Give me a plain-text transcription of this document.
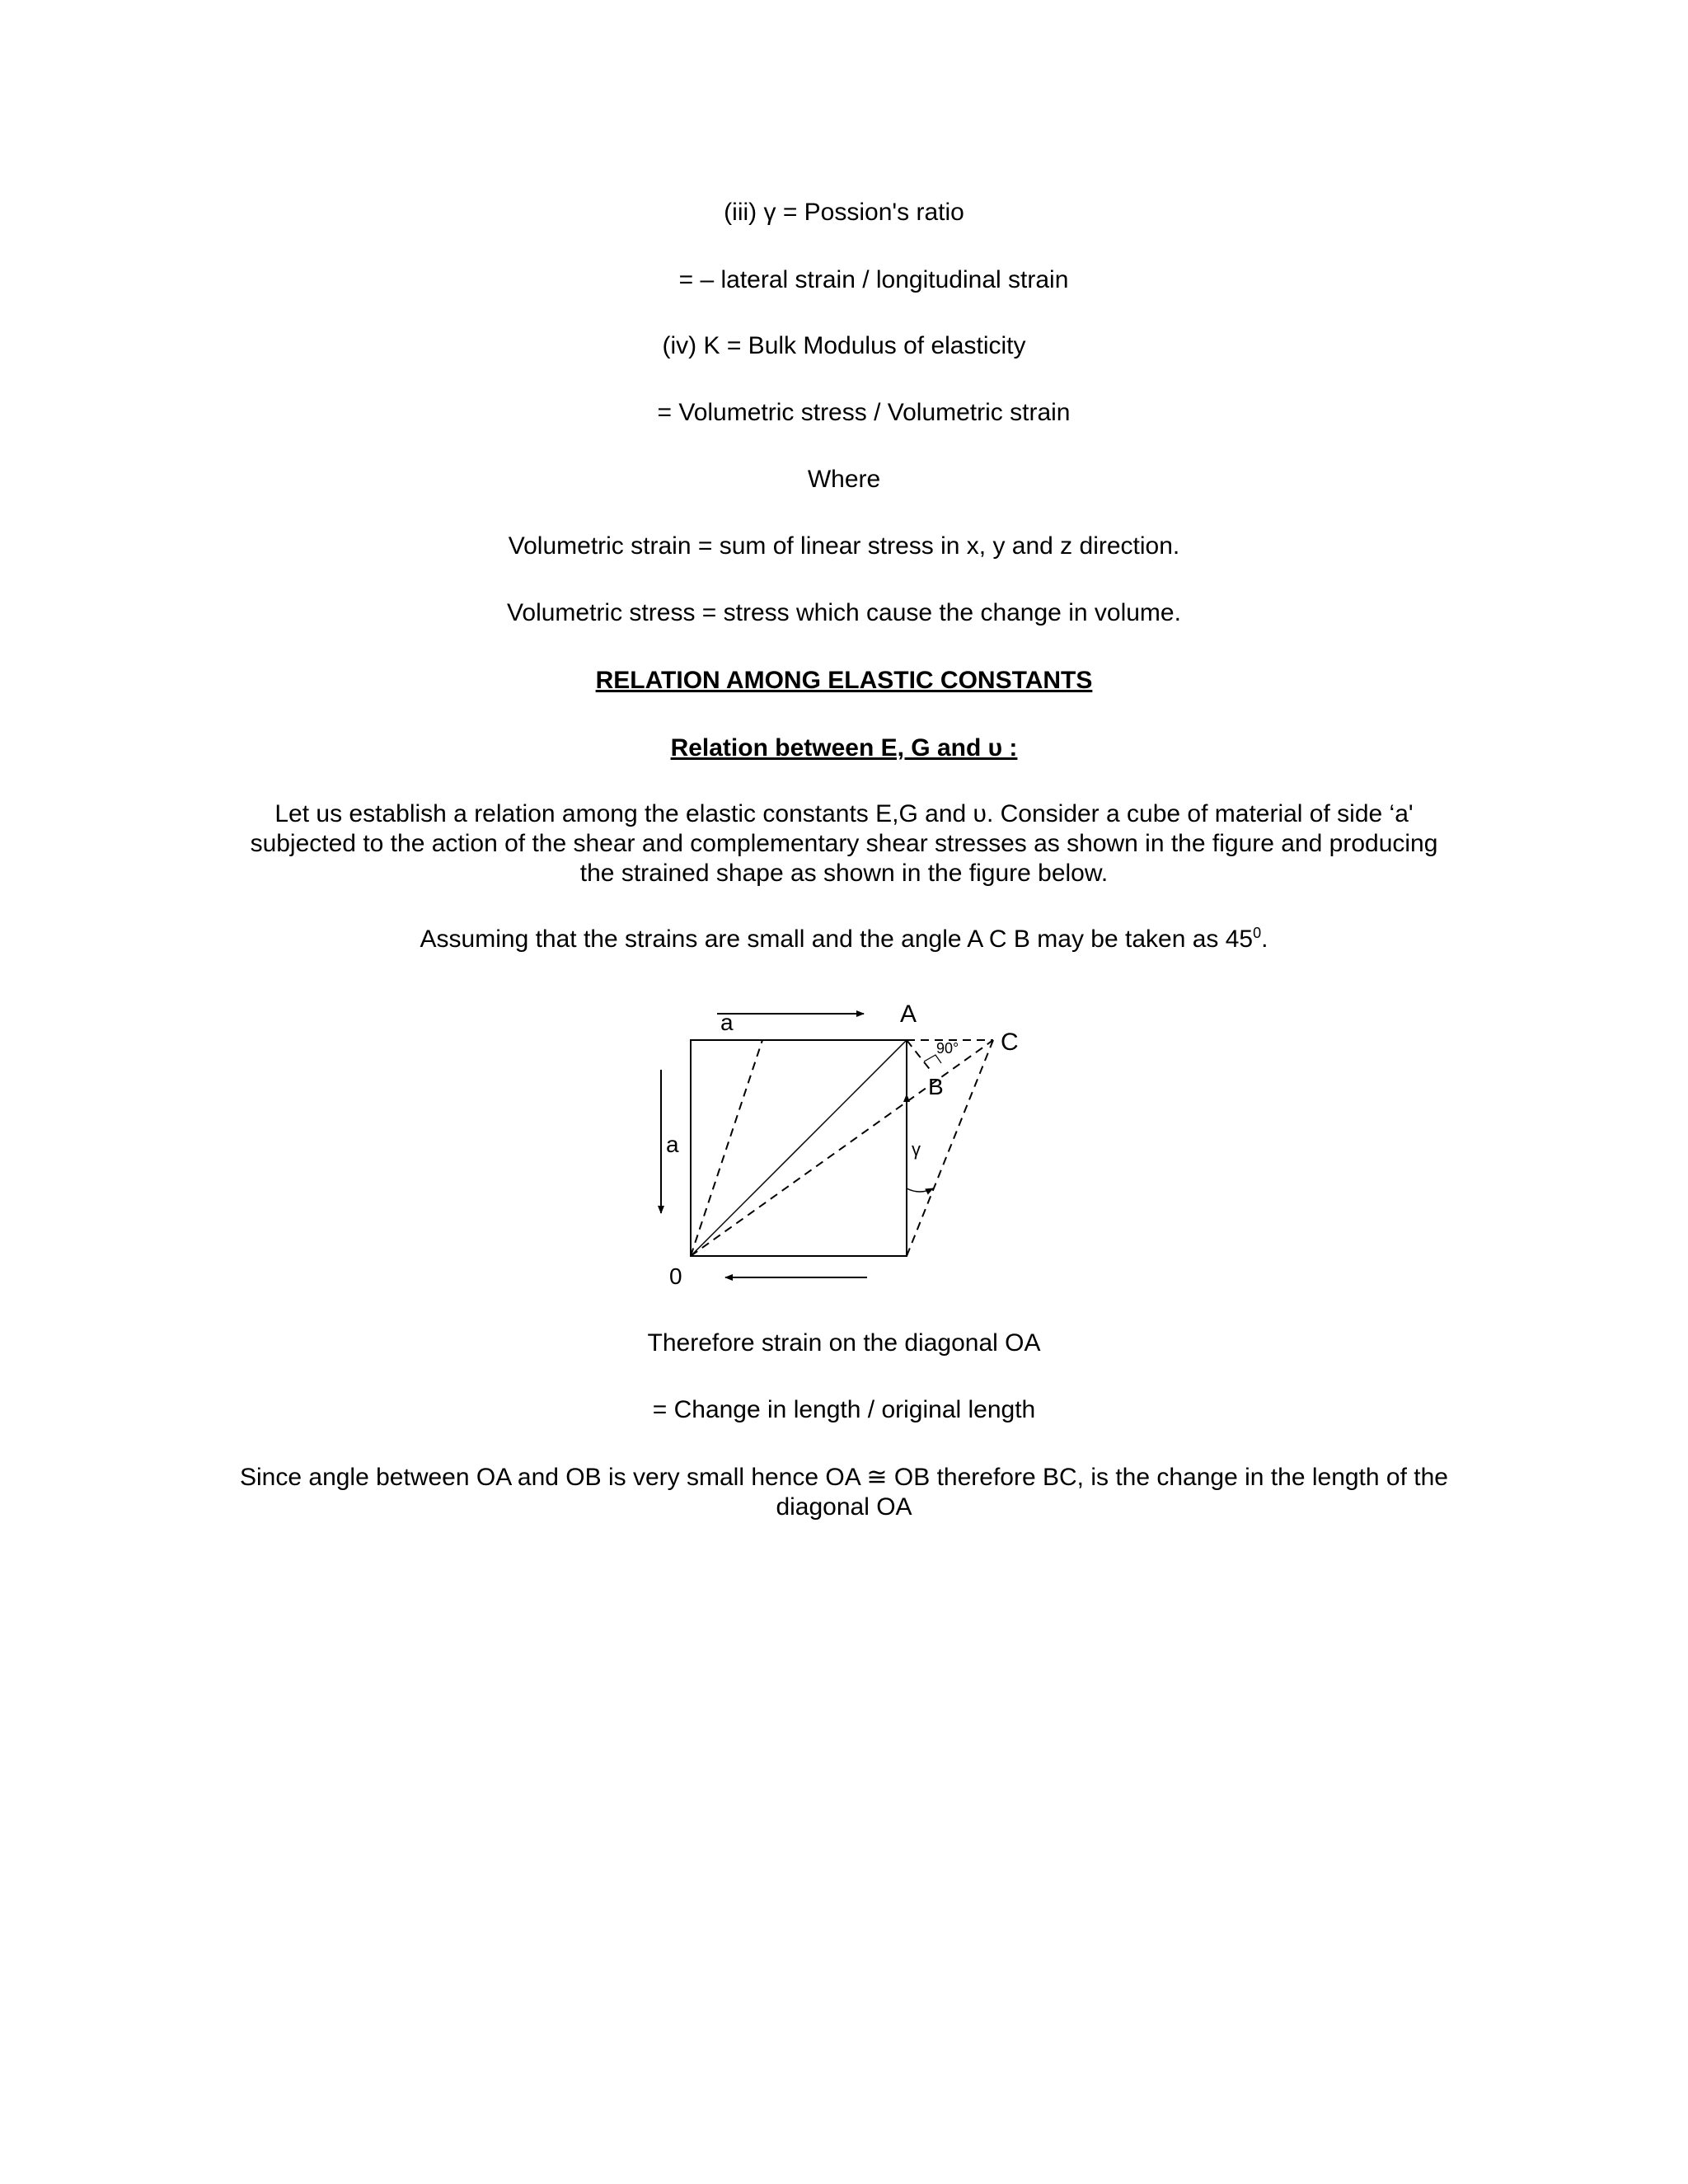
(iii) γ = Possion's ratio
= – lateral strain / longitudinal strain
(iv) K = Bulk Modulus of elasticity
= Volumetric stress / Volumetric strain
Where
Volumetric strain = sum of linear stress in x, y and z direction.
Volumetric stress = stress which cause the change in volume.
RELATION AMONG ELASTIC CONSTANTS
Relation between E, G and υ :
Let us establish a relation among the elastic constants E,G and υ. Consider a cube of material of side ‘a' subjected to the action of the shear and complementary shear stresses as shown in the figure and producing the strained shape as shown in the figure below.
Assuming that the strains are small and the angle A C B may be taken as $45^0$.
a
a
A
B
C
0
90°
γ
Therefore strain on the diagonal OA
= Change in length / original length
Since angle between OA and OB is very small hence OA ≅ OB therefore BC, is the change in the length of the diagonal OA
